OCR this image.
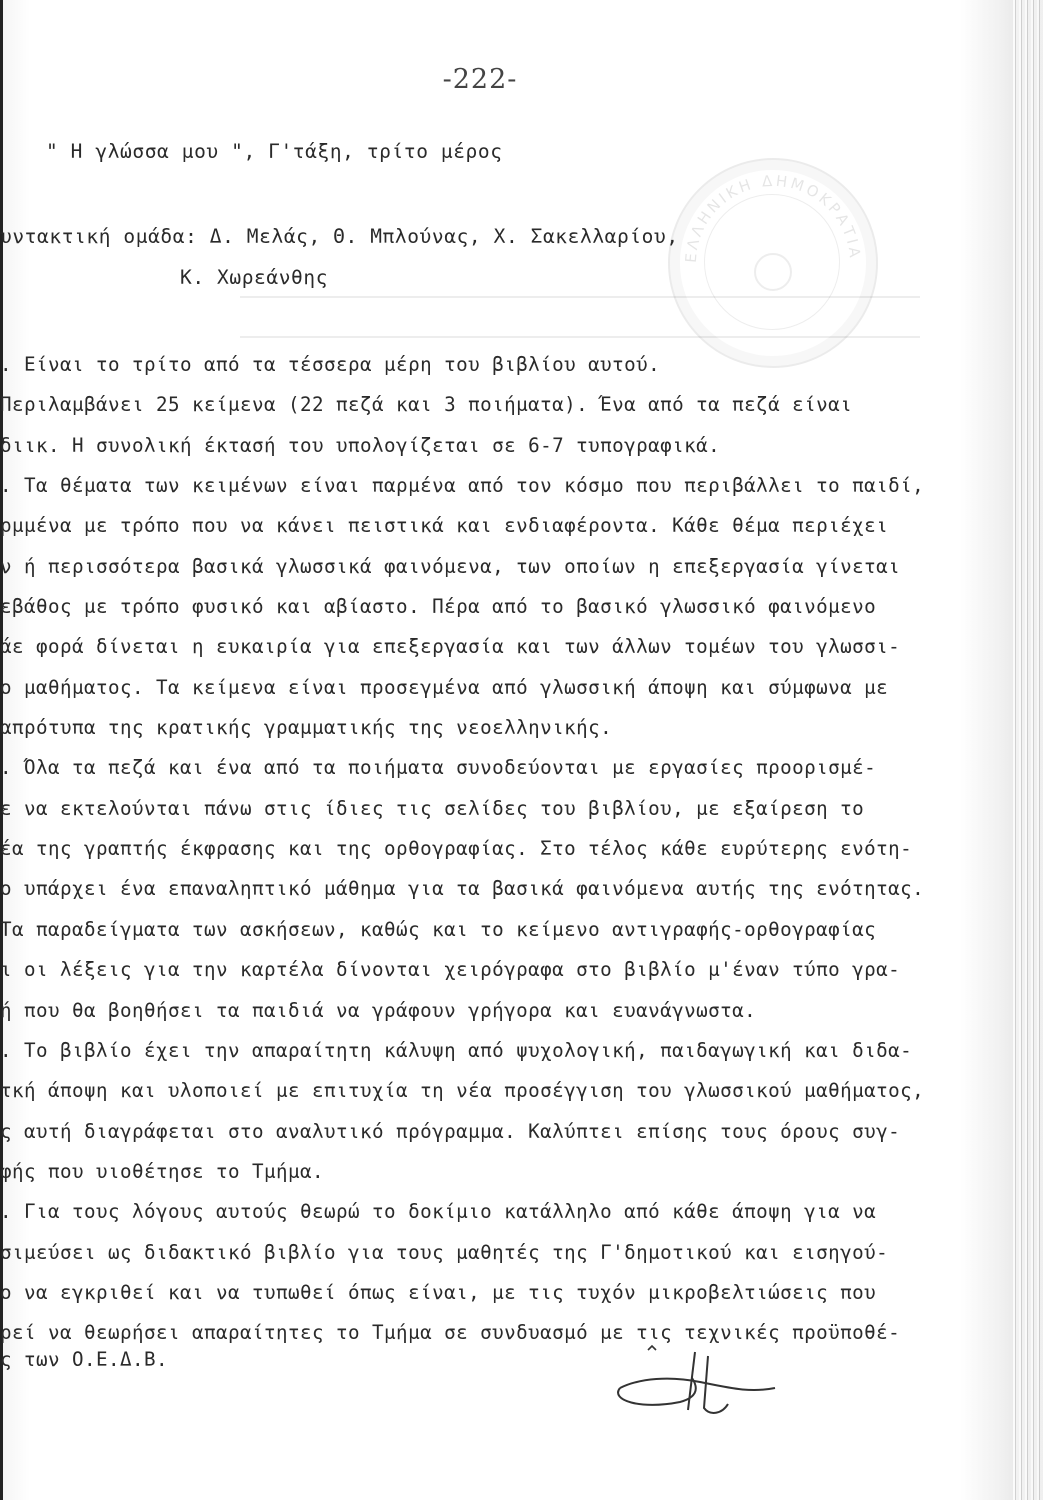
-222-
ΕΛΛΗΝΙΚΗ ΔΗΜΟΚΡΑΤΙΑ
" Η γλώσσα μου ", Γ'τάξη, τρίτο μέρος
υντακτική ομάδα: Δ. Μελάς, Θ. Μπλούνας, Χ. Σακελλαρίου,
Κ. Χωρεάνθης
. Είναι το τρίτο από τα τέσσερα μέρη του βιβλίου αυτού.
Περιλαμβάνει 25 κείμενα (22 πεζά και 3 ποιήματα). Ένα από τα πεζά είναι
διικ. Η συνολική έκτασή του υπολογίζεται σε 6-7 τυπογραφικά.
. Τα θέματα των κειμένων είναι παρμένα από τον κόσμο που περιβάλλει το παιδί,
ρμμένα με τρόπο που να κάνει πειστικά και ενδιαφέροντα. Κάθε θέμα περιέχει
ν ή περισσότερα βασικά γλωσσικά φαινόμενα, των οποίων η επεξεργασία γίνεται
εβάθος με τρόπο φυσικό και αβίαστο. Πέρα από το βασικό γλωσσικό φαινόμενο
άε φορά δίνεται η ευκαιρία για επεξεργασία και των άλλων τομέων του γλωσσι-
ο μαθήματος. Τα κείμενα είναι προσεγμένα από γλωσσική άποψη και σύμφωνα με
απρότυπα της κρατικής γραμματικής της νεοελληνικής.
. Όλα τα πεζά και ένα από τα ποιήματα συνοδεύονται με εργασίες προορισμέ-
ε να εκτελούνται πάνω στις ίδιες τις σελίδες του βιβλίου, με εξαίρεση το
έα της γραπτής έκφρασης και της ορθογραφίας. Στο τέλος κάθε ευρύτερης ενότη-
ο υπάρχει ένα επαναληπτικό μάθημα για τα βασικά φαινόμενα αυτής της ενότητας.
Τα παραδείγματα των ασκήσεων, καθώς και το κείμενο αντιγραφής-ορθογραφίας
ι οι λέξεις για την καρτέλα δίνονται χειρόγραφα στο βιβλίο μ'έναν τύπο γρα-
ή που θα βοηθήσει τα παιδιά να γράφουν γρήγορα και ευανάγνωστα.
. Το βιβλίο έχει την απαραίτητη κάλυψη από ψυχολογική, παιδαγωγική και διδα-
τκή άποψη και υλοποιεί με επιτυχία τη νέα προσέγγιση του γλωσσικού μαθήματος,
ς αυτή διαγράφεται στο αναλυτικό πρόγραμμα. Καλύπτει επίσης τους όρους συγ-
φής που υιοθέτησε το Τμήμα.
. Για τους λόγους αυτούς θεωρώ το δοκίμιο κατάλληλο από κάθε άποψη για να
σιμεύσει ως διδακτικό βιβλίο για τους μαθητές της Γ'δημοτικού και εισηγού-
ο να εγκριθεί και να τυπωθεί όπως είναι, με τις τυχόν μικροβελτιώσεις που
ρεί να θεωρήσει απαραίτητες το Τμήμα σε συνδυασμό με τις τεχνικές προϋποθέ-
ς των Ο.Ε.Δ.Β.
